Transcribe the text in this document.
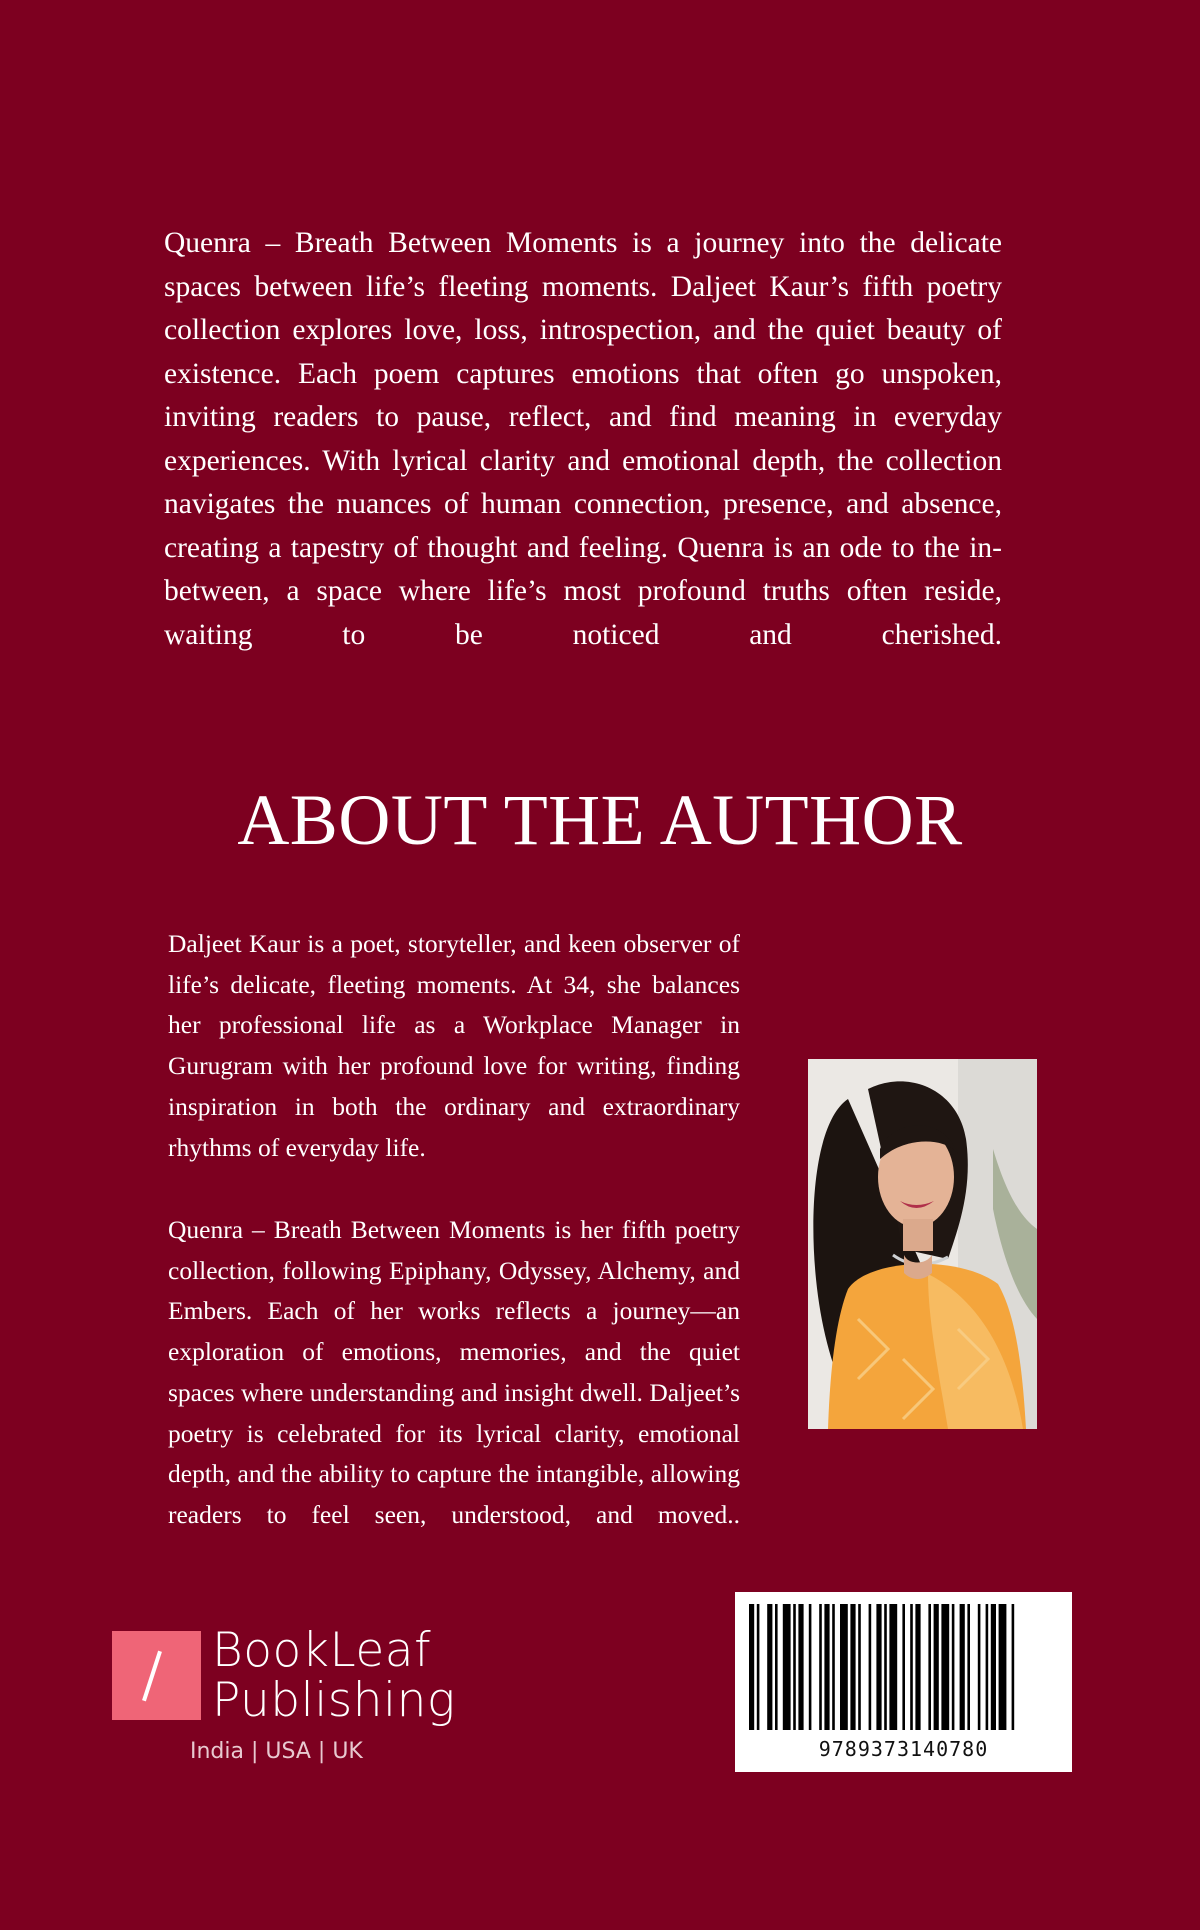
Quenra – Breath Between Moments is a journey into the delicate spaces between life’s fleeting moments. Daljeet Kaur’s fifth poetry collection explores love, loss, introspection, and the quiet beauty of existence. Each poem captures emotions that often go unspoken, inviting readers to pause, reflect, and find meaning in everyday experiences. With lyrical clarity and emotional depth, the collection navigates the nuances of human connection, presence, and absence, creating a tapestry of thought and feeling. Quenra is an ode to the in-between, a space where life’s most profound truths often reside, waiting to be noticed and cherished.

ABOUT THE AUTHOR

Daljeet Kaur is a poet, storyteller, and keen observer of life’s delicate, fleeting moments. At 34, she balances her professional life as a Workplace Manager in Gurugram with her profound love for writing, finding inspiration in both the ordinary and extraordinary rhythms of everyday life.

Quenra – Breath Between Moments is her fifth poetry collection, following Epiphany, Odyssey, Alchemy, and Embers. Each of her works reflects a journey—an exploration of emotions, memories, and the quiet spaces where understanding and insight dwell. Daljeet’s poetry is celebrated for its lyrical clarity, emotional depth, and the ability to capture the intangible, allowing readers to feel seen, understood, and moved..

BookLeaf

Publishing

India | USA | UK	9789373140780
